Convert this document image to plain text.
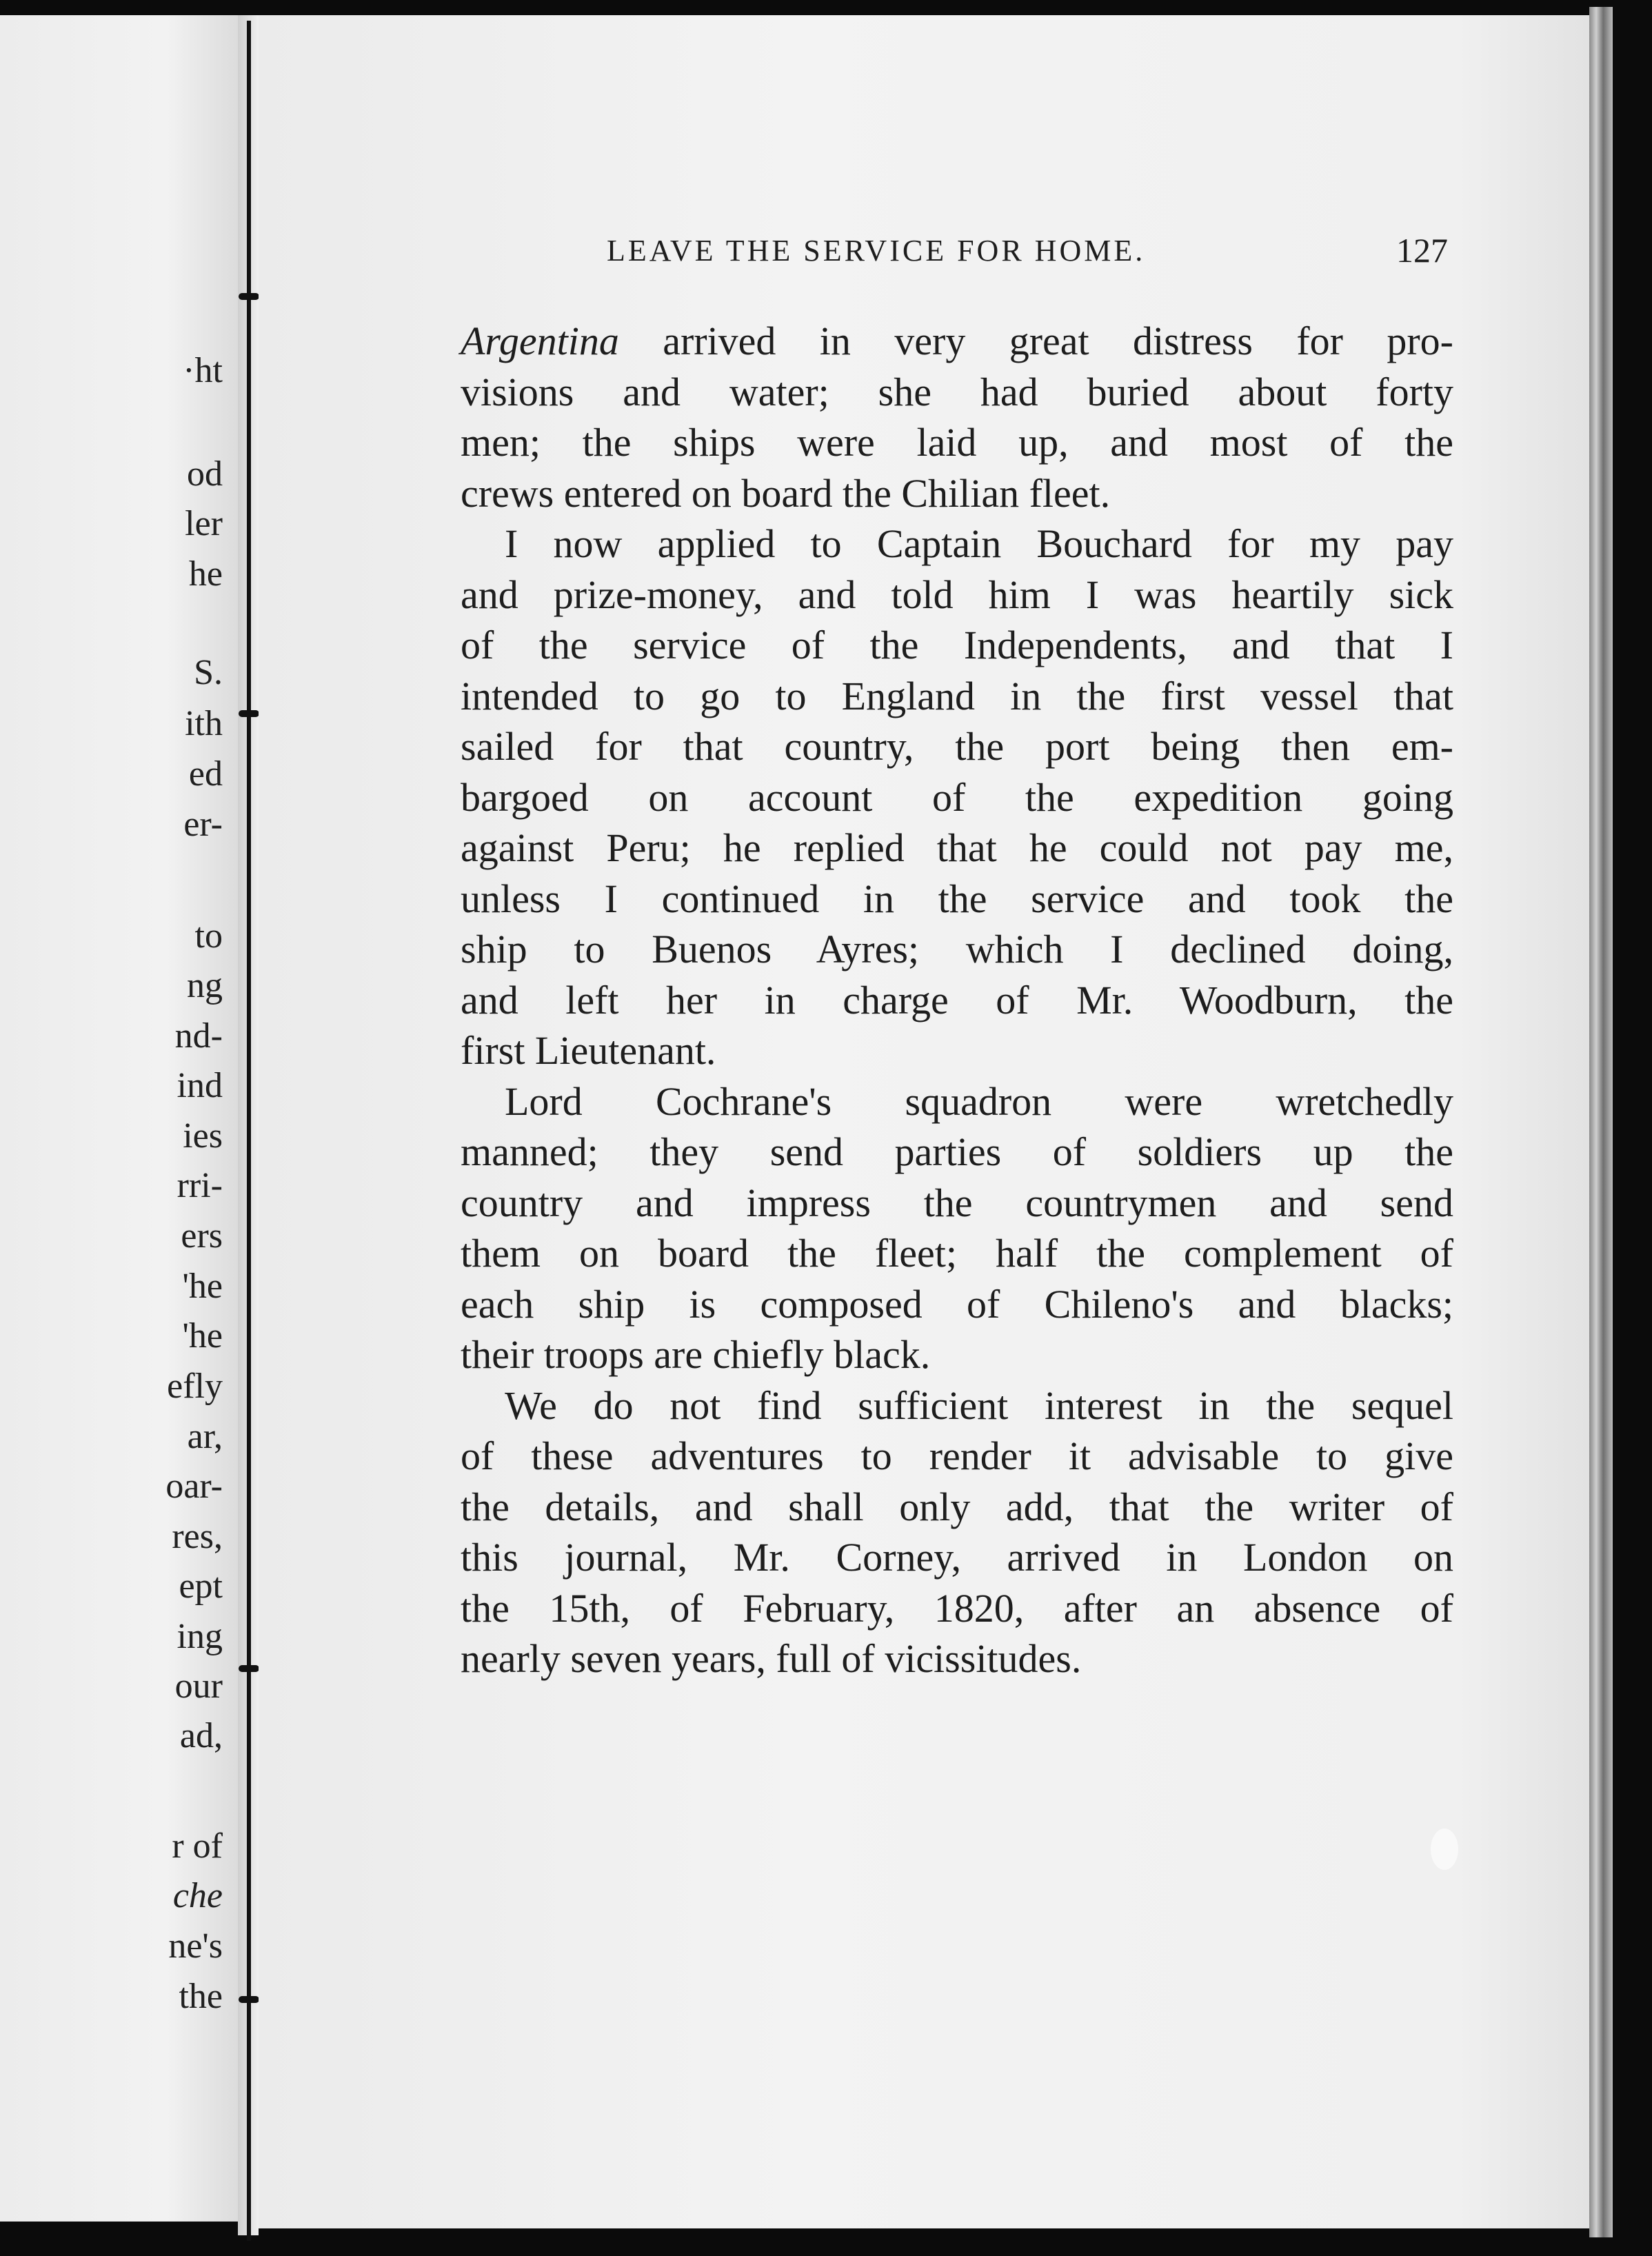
·ht
od
ler
he
S.
ith
ed
er-
to
ng
nd-
ind
ies
rri-
ers
'he
'he
efly
ar,
oar-
res,
ept
ing
our
ad,
r of
che
ne's
the
LEAVE THE SERVICE FOR HOME.	127
Argentina arrived in very great distress for pro-
visions and water; she had buried about forty
men; the ships were laid up, and most of the
crews entered on board the Chilian fleet.
I now applied to Captain Bouchard for my pay
and prize-money, and told him I was heartily sick
of the service of the Independents, and that I
intended to go to England in the first vessel that
sailed for that country, the port being then em-
bargoed on account of the expedition going
against Peru; he replied that he could not pay me,
unless I continued in the service and took the
ship to Buenos Ayres; which I declined doing,
and left her in charge of Mr. Woodburn, the
first Lieutenant.
Lord Cochrane's squadron were wretchedly
manned; they send parties of soldiers up the
country and impress the countrymen and send
them on board the fleet; half the complement of
each ship is composed of Chileno's and blacks;
their troops are chiefly black.
We do not find sufficient interest in the sequel
of these adventures to render it advisable to give
the details, and shall only add, that the writer of
this journal, Mr. Corney, arrived in London on
the 15th, of February, 1820, after an absence of
nearly seven years, full of vicissitudes.
